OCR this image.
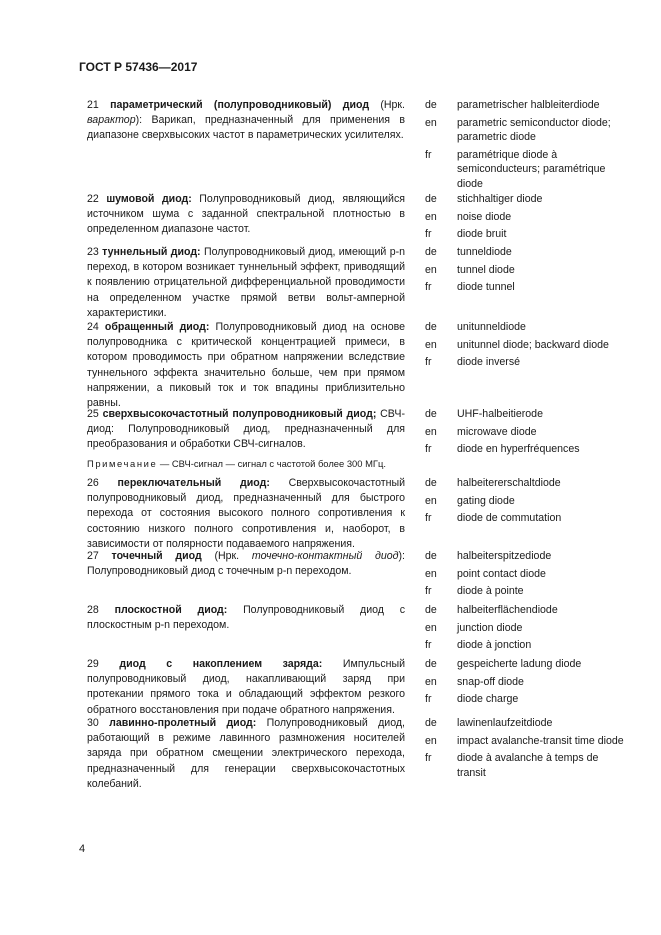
ГОСТ Р 57436—2017
21 параметрический (полупроводниковый) диод (Нрк. варактор): Варикап, предназначенный для применения в диапазоне сверхвысоких частот в параметрических усилителях.
de	parametrischer halbleiterdiode
en	parametric semiconductor diode; parametric diode
fr	paramétrique diode à semiconducteurs; paramétrique diode
22 шумовой диод: Полупроводниковый диод, являющийся источником шума с заданной спектральной плотностью в определенном диапазоне частот.
de	stichhaltiger diode
en	noise diode
fr	diode bruit
23 туннельный диод: Полупроводниковый диод, имеющий p-n переход, в котором возникает туннельный эффект, приводящий к появлению отрицательной дифференциальной проводимости на определенном участке прямой ветви вольт-амперной характеристики.
de	tunneldiode
en	tunnel diode
fr	diode tunnel
24 обращенный диод: Полупроводниковый диод на основе полупроводника с критической концентрацией примеси, в котором проводимость при обратном напряжении вследствие туннельного эффекта значительно больше, чем при прямом напряжении, а пиковый ток и ток впадины приблизительно равны.
de	unitunneldiode
en	unitunnel diode; backward diode
fr	diode inversé
25 сверхвысокочастотный полупроводниковый диод; СВЧ-диод: Полупроводниковый диод, предназначенный для преобразования и обработки СВЧ-сигналов.
Примечание — СВЧ-сигнал — сигнал с частотой более 300 МГц.
de	UHF-halbeitierode
en	microwave diode
fr	diode en hyperfréquences
26 переключательный диод: Сверхвысокочастотный полупроводниковый диод, предназначенный для быстрого перехода от состояния высокого полного сопротивления к состоянию низкого полного сопротивления и, наоборот, в зависимости от полярности подаваемого напряжения.
de	halbeitererschaltdiode
en	gating diode
fr	diode de commutation
27 точечный диод (Нрк. точечно-контактный диод): Полупроводниковый диод с точечным p-n переходом.
de	halbeiterspitzediode
en	point contact diode
fr	diode à pointe
28 плоскостной диод: Полупроводниковый диод с плоскостным p-n переходом.
de	halbeiterflächendiode
en	junction diode
fr	diode à jonction
29 диод с накоплением заряда: Импульсный полупроводниковый диод, накапливающий заряд при протекании прямого тока и обладающий эффектом резкого обратного восстановления при подаче обратного напряжения.
de	gespeicherte ladung diode
en	snap-off diode
fr	diode charge
30 лавинно-пролетный диод: Полупроводниковый диод, работающий в режиме лавинного размножения носителей заряда при обратном смещении электрического перехода, предназначенный для генерации сверхвысокочастотных колебаний.
de	lawinenlaufzeitdiode
en	impact avalanche-transit time diode
fr	diode à avalanche à temps de transit
4
